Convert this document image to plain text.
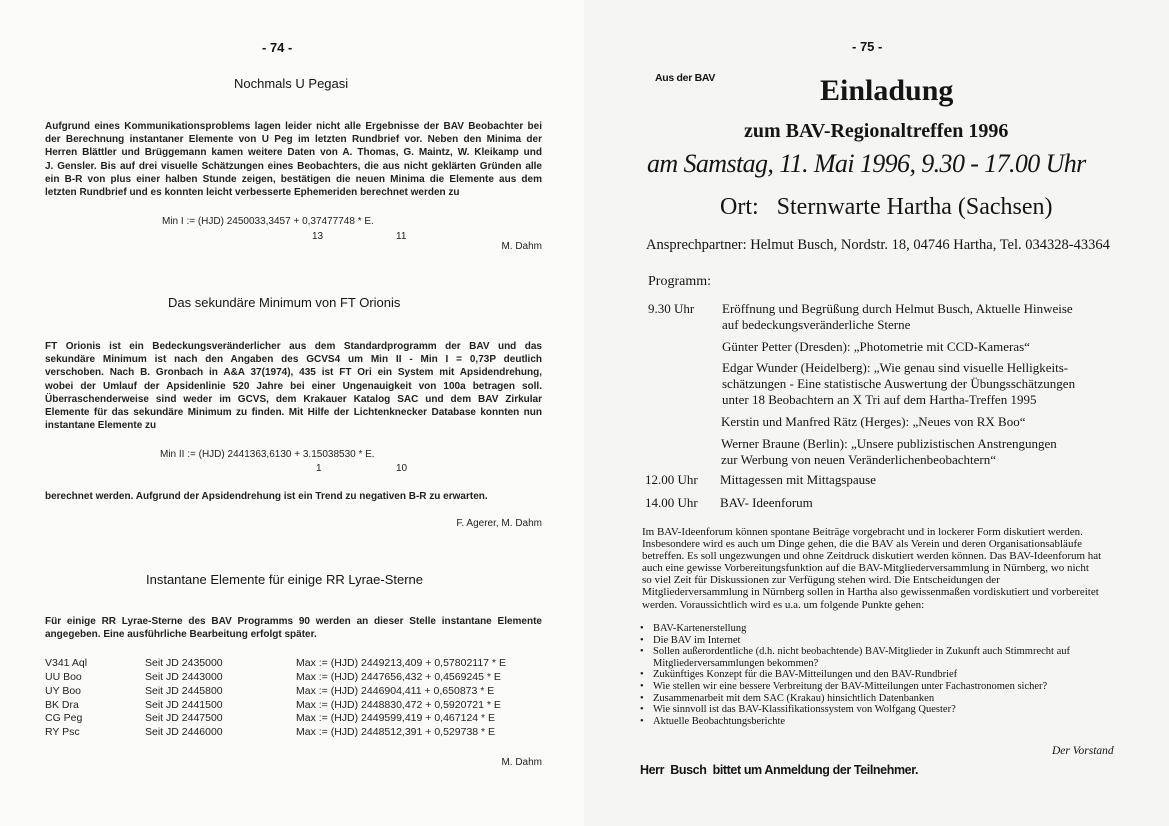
- 74 -
Nochmals U Pegasi
Aufgrund eines Kommunikationsproblems lagen leider nicht alle Ergebnisse der BAV Beobachter bei
der Berechnung instantaner Elemente von U Peg im letzten Rundbrief vor. Neben den Minima der
Herren Blättler und Brüggemann kamen weitere Daten von A. Thomas, G. Maintz, W. Kleikamp und
J. Gensler. Bis auf drei visuelle Schätzungen eines Beobachters, die aus nicht geklärten Gründen alle
ein B-R von plus einer halben Stunde zeigen, bestätigen die neuen Minima die Elemente aus dem
letzten Rundbrief und es konnten leicht verbesserte Ephemeriden berechnet werden zu
Min I := (HJD) 2450033,3457 + 0,37477748 * E.
13	11
M. Dahm
Das sekundäre Minimum von FT Orionis
FT Orionis ist ein Bedeckungsveränderlicher aus dem Standardprogramm der BAV und das
sekundäre Minimum ist nach den Angaben des GCVS4 um Min II - Min I = 0,73P deutlich
verschoben. Nach B. Gronbach in A&A 37(1974), 435 ist FT Ori ein System mit Apsidendrehung,
wobei der Umlauf der Apsidenlinie 520 Jahre bei einer Ungenauigkeit von 100a betragen soll.
Überraschenderweise sind weder im GCVS, dem Krakauer Katalog SAC und dem BAV Zirkular
Elemente für das sekundäre Minimum zu finden. Mit Hilfe der Lichtenknecker Database konnten nun
instantane Elemente zu
Min II := (HJD) 2441363,6130 + 3.15038530 * E.
1	10
berechnet werden. Aufgrund der Apsidendrehung ist ein Trend zu negativen B-R zu erwarten.
F. Agerer, M. Dahm
Instantane Elemente für einige RR Lyrae-Sterne
Für einige RR Lyrae-Sterne des BAV Programms 90 werden an dieser Stelle instantane Elemente
angegeben. Eine ausführliche Bearbeitung erfolgt später.
V341 Aql	Seit JD 2435000	Max := (HJD) 2449213,409 + 0,57802117 * E
UU Boo	Seit JD 2443000	Max := (HJD) 2447656,432 + 0,4569245 * E
UY Boo	Seit JD 2445800	Max := (HJD) 2446904,411 + 0,650873 * E
BK Dra	Seit JD 2441500	Max := (HJD) 2448830,472 + 0,5920721 * E
CG Peg	Seit JD 2447500	Max := (HJD) 2449599,419 + 0,467124 * E
RY Psc	Seit JD 2446000	Max := (HJD) 2448512,391 + 0,529738 * E
M. Dahm
- 75 -
Aus der BAV	Einladung
zum BAV-Regionaltreffen 1996
am Samstag, 11. Mai 1996, 9.30 - 17.00 Uhr
Ort:   Sternwarte Hartha (Sachsen)
Ansprechpartner: Helmut Busch, Nordstr. 18, 04746 Hartha, Tel. 034328-43364
Programm:
9.30 Uhr Eröffnung und Begrüßung durch Helmut Busch, Aktuelle Hinweise
auf bedeckungsveränderliche Sterne
Günter Petter (Dresden): „Photometrie mit CCD-Kameras“
Edgar Wunder (Heidelberg): „Wie genau sind visuelle Helligkeits-
schätzungen - Eine statistische Auswertung der Übungsschätzungen
unter 18 Beobachtern an X Tri auf dem Hartha-Treffen 1995
Kerstin und Manfred Rätz (Herges): „Neues von RX Boo“
Werner Braune (Berlin): „Unsere publizistischen Anstrengungen
zur Werbung von neuen Veränderlichenbeobachtern“
12.00 Uhr Mittagessen mit Mittagspause
14.00 Uhr BAV- Ideenforum
Im BAV-Ideenforum können spontane Beiträge vorgebracht und in lockerer Form diskutiert werden.
Insbesondere wird es auch um Dinge gehen, die die BAV als Verein und deren Organisationsabläufe
betreffen. Es soll ungezwungen und ohne Zeitdruck diskutiert werden können. Das BAV-Ideenforum hat
auch eine gewisse Vorbereitungsfunktion auf die BAV-Mitgliederversammlung in Nürnberg, wo nicht
so viel Zeit für Diskussionen zur Verfügung stehen wird. Die Entscheidungen der
Mitgliederversammlung in Nürnberg sollen in Hartha also gewissenmaßen vordiskutiert und vorbereitet
werden. Voraussichtlich wird es u.a. um folgende Punkte gehen:
• BAV-Kartenerstellung
• Die BAV im Internet
• Sollen außerordentliche (d.h. nicht beobachtende) BAV-Mitglieder in Zukunft auch Stimmrecht auf
Mitgliederversammlungen bekommen?
• Zukünftiges Konzept für die BAV-Mitteilungen und den BAV-Rundbrief
• Wie stellen wir eine bessere Verbreitung der BAV-Mitteilungen unter Fachastronomen sicher?
• Zusammenarbeit mit dem SAC (Krakau) hinsichtlich Datenbanken
• Wie sinnvoll ist das BAV-Klassifikationssystem von Wolfgang Quester?
• Aktuelle Beobachtungsberichte
Der Vorstand
Herr  Busch  bittet um Anmeldung der Teilnehmer.
